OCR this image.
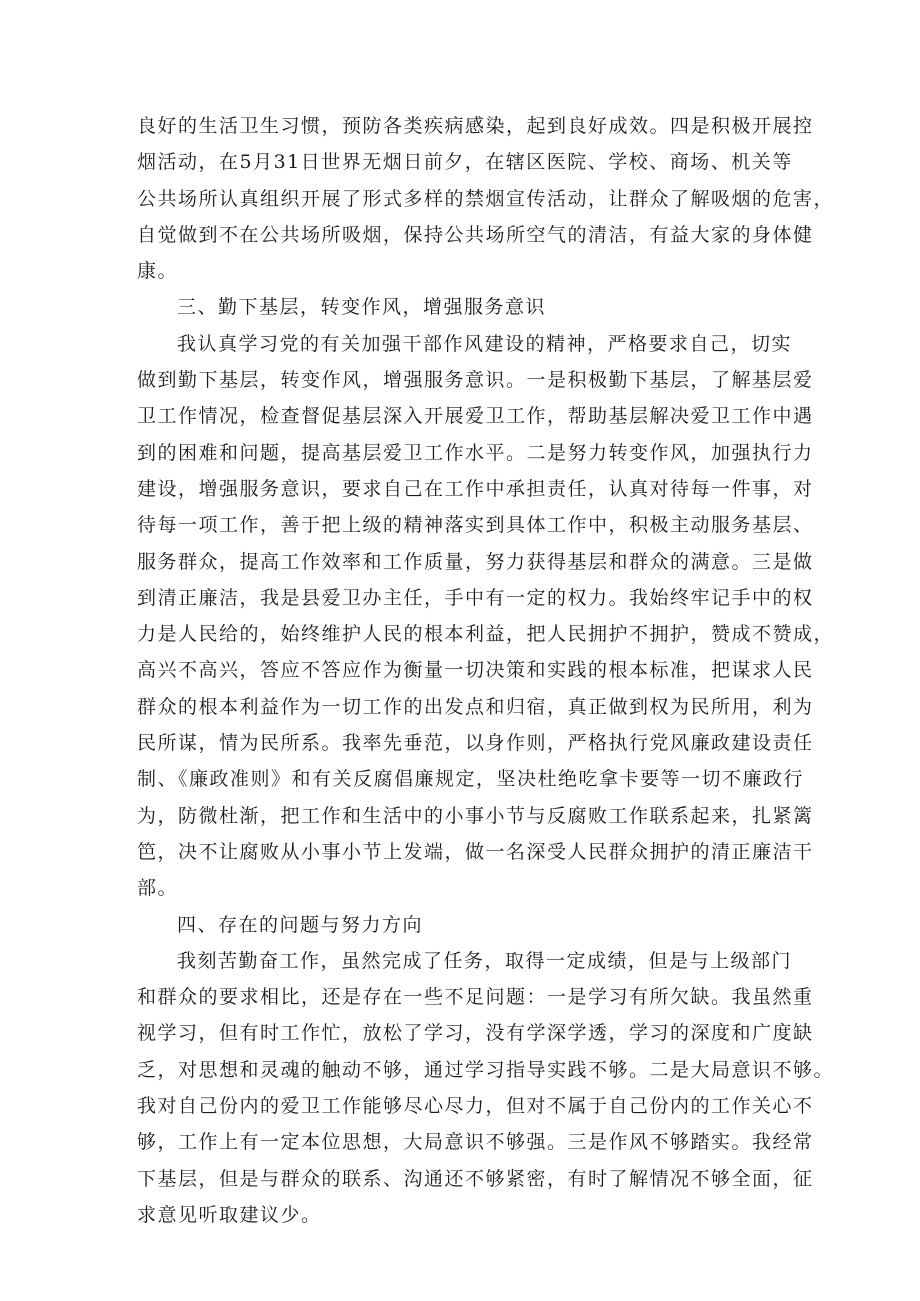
良好的生活卫生习惯，预防各类疾病感染，起到良好成效。四是积极开展控
烟活动，在5月31日世界无烟日前夕，在辖区医院、学校、商场、机关等
公共场所认真组织开展了形式多样的禁烟宣传活动，让群众了解吸烟的危害，
自觉做到不在公共场所吸烟，保持公共场所空气的清洁，有益大家的身体健
康。
三、勤下基层，转变作风，增强服务意识
我认真学习党的有关加强干部作风建设的精神，严格要求自己，切实
做到勤下基层，转变作风，增强服务意识。一是积极勤下基层，了解基层爱
卫工作情况，检查督促基层深入开展爱卫工作，帮助基层解决爱卫工作中遇
到的困难和问题，提高基层爱卫工作水平。二是努力转变作风，加强执行力
建设，增强服务意识，要求自己在工作中承担责任，认真对待每一件事，对
待每一项工作，善于把上级的精神落实到具体工作中，积极主动服务基层、
服务群众，提高工作效率和工作质量，努力获得基层和群众的满意。三是做
到清正廉洁，我是县爱卫办主任，手中有一定的权力。我始终牢记手中的权
力是人民给的，始终维护人民的根本利益，把人民拥护不拥护，赞成不赞成，
高兴不高兴，答应不答应作为衡量一切决策和实践的根本标准，把谋求人民
群众的根本利益作为一切工作的出发点和归宿，真正做到权为民所用，利为
民所谋，情为民所系。我率先垂范，以身作则，严格执行党风廉政建设责任
制、《廉政准则》和有关反腐倡廉规定，坚决杜绝吃拿卡要等一切不廉政行
为，防微杜渐，把工作和生活中的小事小节与反腐败工作联系起来，扎紧篱
笆，决不让腐败从小事小节上发端，做一名深受人民群众拥护的清正廉洁干
部。
四、存在的问题与努力方向
我刻苦勤奋工作，虽然完成了任务，取得一定成绩，但是与上级部门
和群众的要求相比，还是存在一些不足问题：一是学习有所欠缺。我虽然重
视学习，但有时工作忙，放松了学习，没有学深学透，学习的深度和广度缺
乏，对思想和灵魂的触动不够，通过学习指导实践不够。二是大局意识不够。
我对自己份内的爱卫工作能够尽心尽力，但对不属于自己份内的工作关心不
够，工作上有一定本位思想，大局意识不够强。三是作风不够踏实。我经常
下基层，但是与群众的联系、沟通还不够紧密，有时了解情况不够全面，征
求意见听取建议少。
